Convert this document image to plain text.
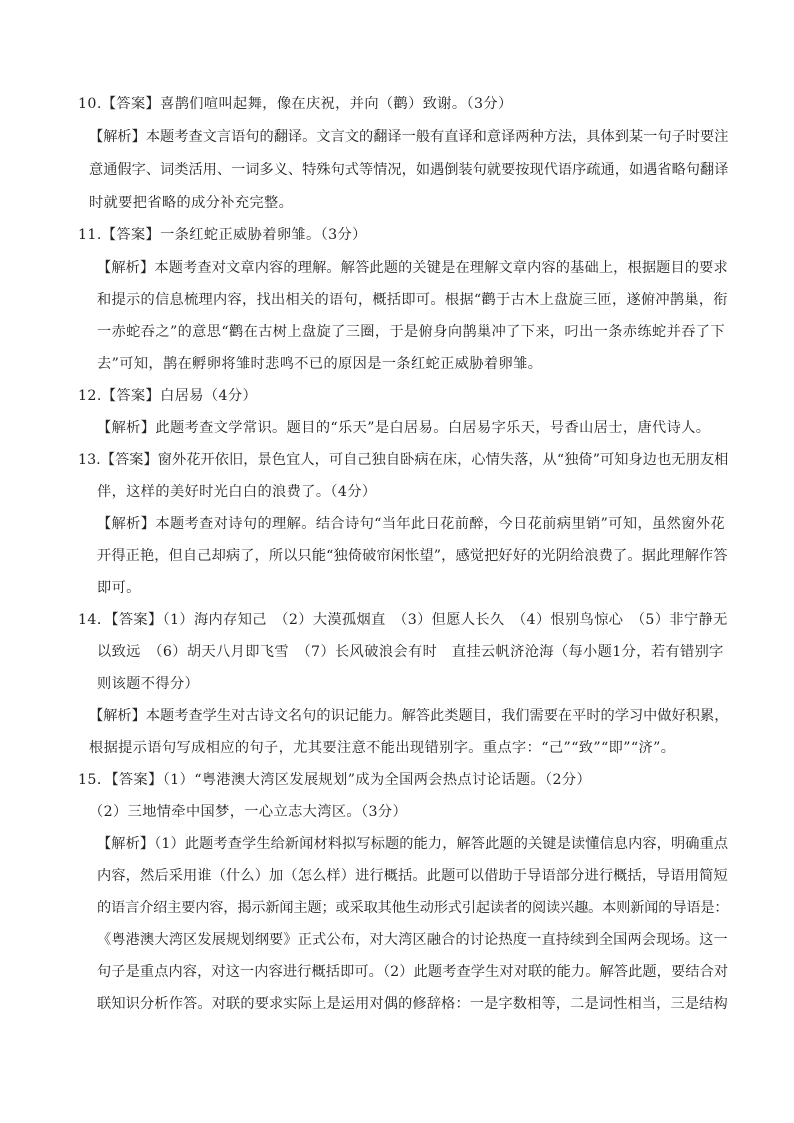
10.【答案】喜鹊们喧叫起舞，像在庆祝，并向（鹳）致谢。（3分）
【解析】本题考查文言语句的翻译。文言文的翻译一般有直译和意译两种方法，具体到某一句子时要注
意通假字、词类活用、一词多义、特殊句式等情况，如遇倒装句就要按现代语序疏通，如遇省略句翻译
时就要把省略的成分补充完整。
11.【答案】一条红蛇正威胁着卵雏。（3分）
【解析】本题考查对文章内容的理解。解答此题的关键是在理解文章内容的基础上，根据题目的要求
和提示的信息梳理内容，找出相关的语句，概括即可。根据“鹳于古木上盘旋三匝，遂俯冲鹊巢，衔
一赤蛇吞之”的意思“鹳在古树上盘旋了三圈，于是俯身向鹊巢冲了下来，叼出一条赤练蛇并吞了下
去”可知，鹊在孵卵将雏时悲鸣不已的原因是一条红蛇正威胁着卵雏。
12.【答案】白居易（4分）
【解析】此题考查文学常识。题目的“乐天”是白居易。白居易字乐天，号香山居士，唐代诗人。
13.【答案】窗外花开依旧，景色宜人，可自己独自卧病在床，心情失落，从“独倚”可知身边也无朋友相
伴，这样的美好时光白白的浪费了。（4分）
【解析】本题考查对诗句的理解。结合诗句“当年此日花前醉，今日花前病里销”可知，虽然窗外花
开得正艳，但自己却病了，所以只能“独倚破帘闲怅望”，感觉把好好的光阴给浪费了。据此理解作答
即可。
14．【答案】（1）海内存知己　（2）大漠孤烟直　（3）但愿人长久　（4）恨别鸟惊心　（5）非宁静无
以致远　（6）胡天八月即飞雪　（7）长风破浪会有时　直挂云帆济沧海（每小题1分，若有错别字
则该题不得分）
【解析】本题考查学生对古诗文名句的识记能力。解答此类题目，我们需要在平时的学习中做好积累，
根据提示语句写成相应的句子，尤其要注意不能出现错别字。重点字：“己”“致”“即”“济”。
15．【答案】（1）“粤港澳大湾区发展规划”成为全国两会热点讨论话题。（2分）
（2）三地情牵中国梦，一心立志大湾区。（3分）
【解析】（1）此题考查学生给新闻材料拟写标题的能力，解答此题的关键是读懂信息内容，明确重点
内容，然后采用谁（什么）加（怎么样）进行概括。此题可以借助于导语部分进行概括，导语用简短
的语言介绍主要内容，揭示新闻主题；或采取其他生动形式引起读者的阅读兴趣。本则新闻的导语是：
《粤港澳大湾区发展规划纲要》正式公布，对大湾区融合的讨论热度一直持续到全国两会现场。这一
句子是重点内容，对这一内容进行概括即可。（2）此题考查学生对对联的能力。解答此题，要结合对
联知识分析作答。对联的要求实际上是运用对偶的修辞格：一是字数相等，二是词性相当，三是结构
